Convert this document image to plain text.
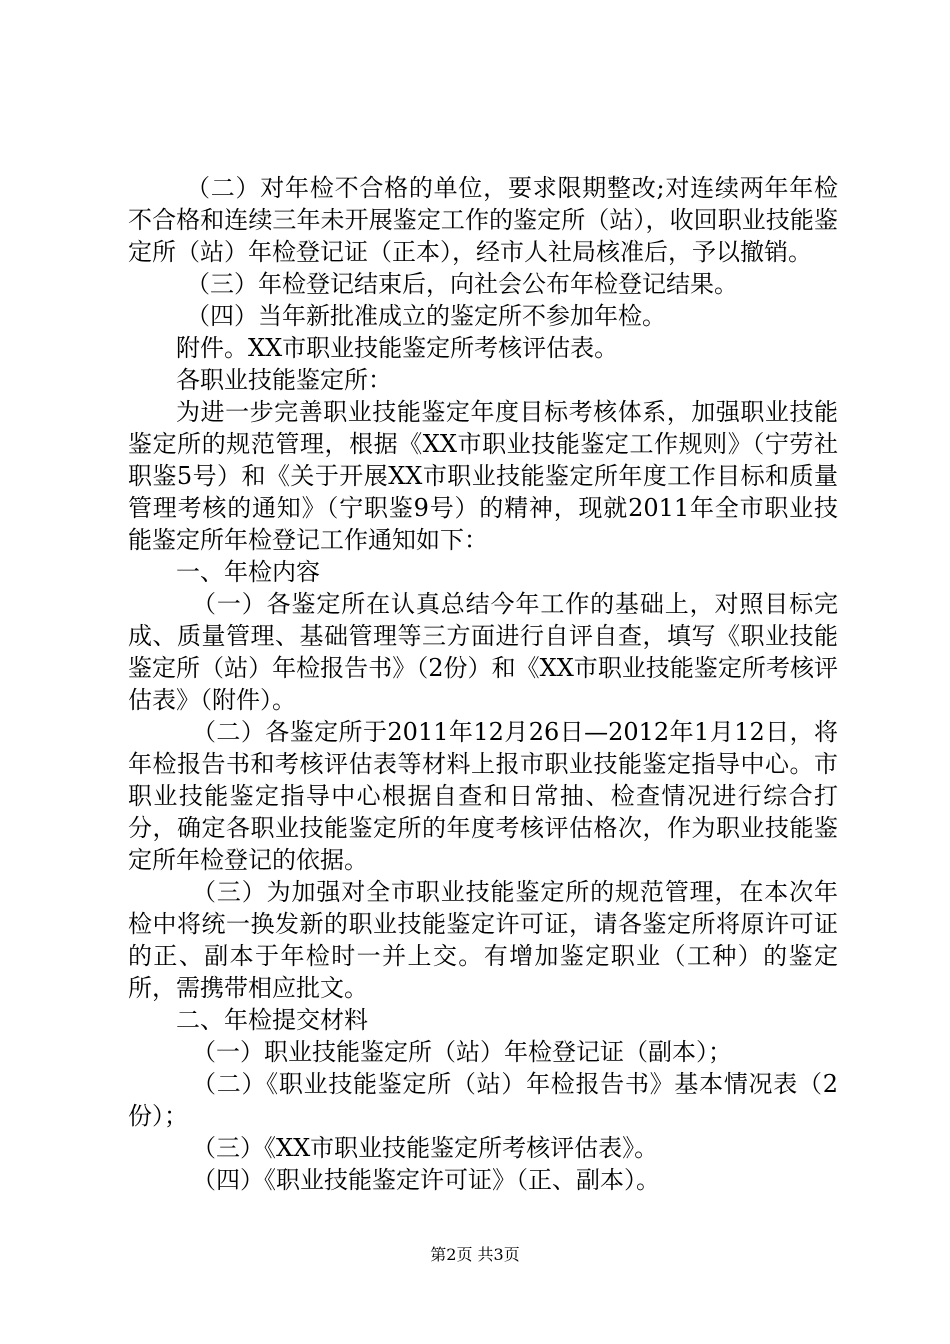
（二）对年检不合格的单位，要求限期整改;对连续两年年检不合格和连续三年未开展鉴定工作的鉴定所（站），收回职业技能鉴定所（站）年检登记证（正本），经市人社局核准后，予以撤销。

（三）年检登记结束后，向社会公布年检登记结果。

（四）当年新批准成立的鉴定所不参加年检。

附件。XX市职业技能鉴定所考核评估表。

各职业技能鉴定所：

为进一步完善职业技能鉴定年度目标考核体系，加强职业技能鉴定所的规范管理，根据《XX市职业技能鉴定工作规则》（宁劳社职鉴5号）和《关于开展XX市职业技能鉴定所年度工作目标和质量管理考核的通知》（宁职鉴9号）的精神，现就2011年全市职业技能鉴定所年检登记工作通知如下：

一、年检内容

（一）各鉴定所在认真总结今年工作的基础上，对照目标完成、质量管理、基础管理等三方面进行自评自查，填写《职业技能鉴定所（站）年检报告书》（2份）和《XX市职业技能鉴定所考核评估表》（附件）。

（二）各鉴定所于2011年12月26日—2012年1月12日，将年检报告书和考核评估表等材料上报市职业技能鉴定指导中心。市职业技能鉴定指导中心根据自查和日常抽、检查情况进行综合打分，确定各职业技能鉴定所的年度考核评估格次，作为职业技能鉴定所年检登记的依据。

（三）为加强对全市职业技能鉴定所的规范管理，在本次年检中将统一换发新的职业技能鉴定许可证，请各鉴定所将原许可证的正、副本于年检时一并上交。有增加鉴定职业（工种）的鉴定所，需携带相应批文。

二、年检提交材料

（一）职业技能鉴定所（站）年检登记证（副本）；

（二）《职业技能鉴定所（站）年检报告书》基本情况表（2份）；

（三）《XX市职业技能鉴定所考核评估表》。

（四）《职业技能鉴定许可证》（正、副本）。

第2页 共3页
